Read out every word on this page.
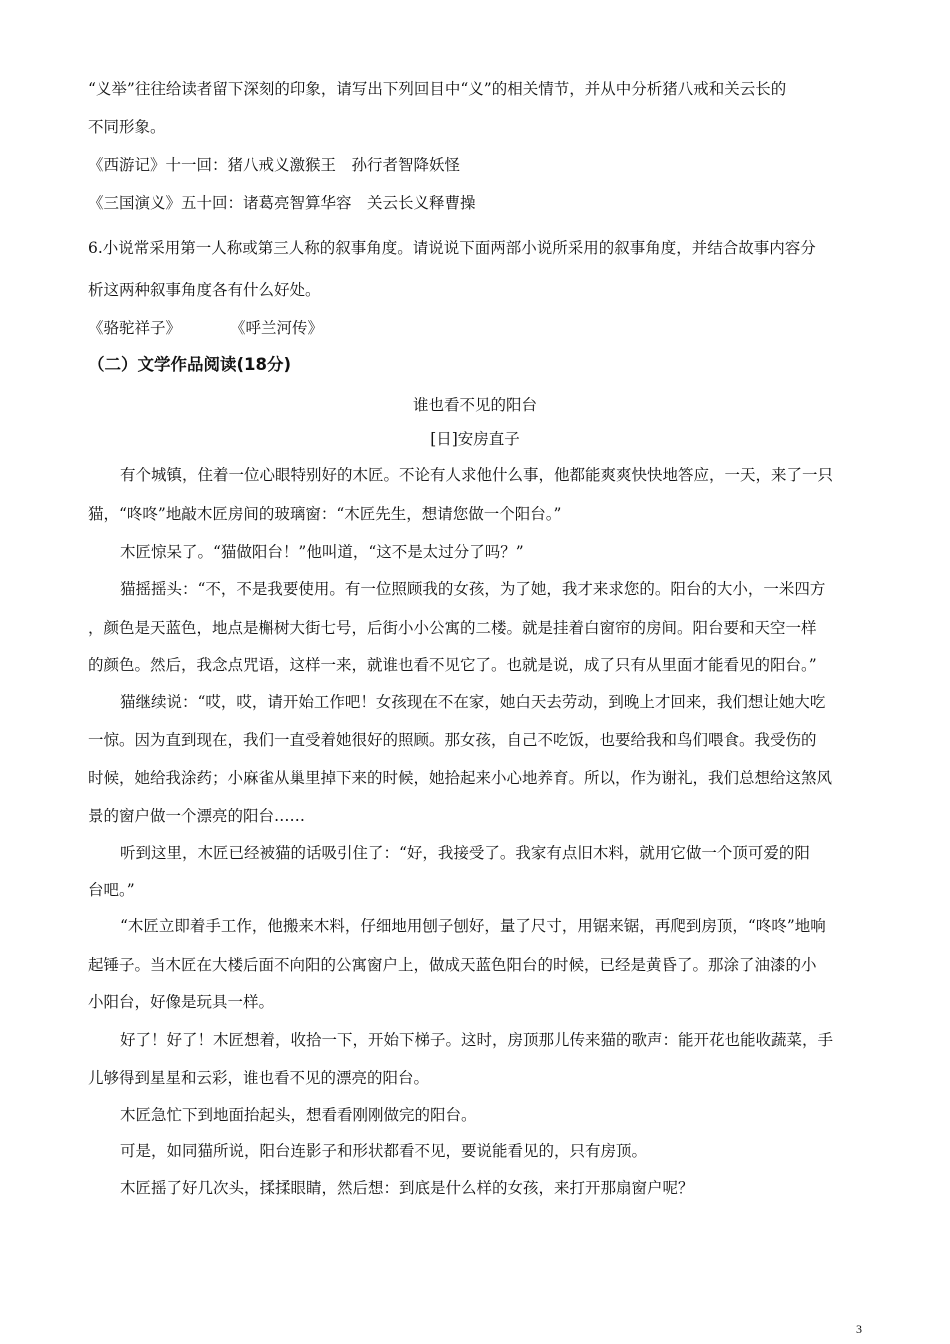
“义举”往往给读者留下深刻的印象，请写出下列回目中“义”的相关情节，并从中分析猪八戒和关云长的
不同形象。
《西游记》十一回：猪八戒义激猴王　孙行者智降妖怪
《三国演义》五十回：诸葛亮智算华容　关云长义释曹操
6.小说常采用第一人称或第三人称的叙事角度。请说说下面两部小说所采用的叙事角度，并结合故事内容分
析这两种叙事角度各有什么好处。
《骆驼祥子》	《呼兰河传》
（二）文学作品阅读(18分)
谁也看不见的阳台
[日]安房直子
有个城镇，住着一位心眼特别好的木匠。不论有人求他什么事，他都能爽爽快快地答应，一天，来了一只
猫，“咚咚”地敲木匠房间的玻璃窗：“木匠先生，想请您做一个阳台。”
木匠惊呆了。“猫做阳台！”他叫道，“这不是太过分了吗？”
猫摇摇头：“不，不是我要使用。有一位照顾我的女孩，为了她，我才来求您的。阳台的大小，一米四方
，颜色是天蓝色，地点是槲树大街七号，后街小小公寓的二楼。就是挂着白窗帘的房间。阳台要和天空一样
的颜色。然后，我念点咒语，这样一来，就谁也看不见它了。也就是说，成了只有从里面才能看见的阳台。”
猫继续说：“哎，哎，请开始工作吧！女孩现在不在家，她白天去劳动，到晚上才回来，我们想让她大吃
一惊。因为直到现在，我们一直受着她很好的照顾。那女孩，自己不吃饭，也要给我和鸟们喂食。我受伤的
时候，她给我涂药；小麻雀从巢里掉下来的时候，她拾起来小心地养育。所以，作为谢礼，我们总想给这煞风
景的窗户做一个漂亮的阳台……
听到这里，木匠已经被猫的话吸引住了：“好，我接受了。我家有点旧木料，就用它做一个顶可爱的阳
台吧。”
“木匠立即着手工作，他搬来木料，仔细地用刨子刨好，量了尺寸，用锯来锯，再爬到房顶，“咚咚”地响
起锤子。当木匠在大楼后面不向阳的公寓窗户上，做成天蓝色阳台的时候，已经是黄昏了。那涂了油漆的小
小阳台，好像是玩具一样。
好了！好了！木匠想着，收拾一下，开始下梯子。这时，房顶那儿传来猫的歌声：能开花也能收蔬菜，手
儿够得到星星和云彩，谁也看不见的漂亮的阳台。
木匠急忙下到地面抬起头，想看看刚刚做完的阳台。
可是，如同猫所说，阳台连影子和形状都看不见，要说能看见的，只有房顶。
木匠摇了好几次头，揉揉眼睛，然后想：到底是什么样的女孩，来打开那扇窗户呢？
3
